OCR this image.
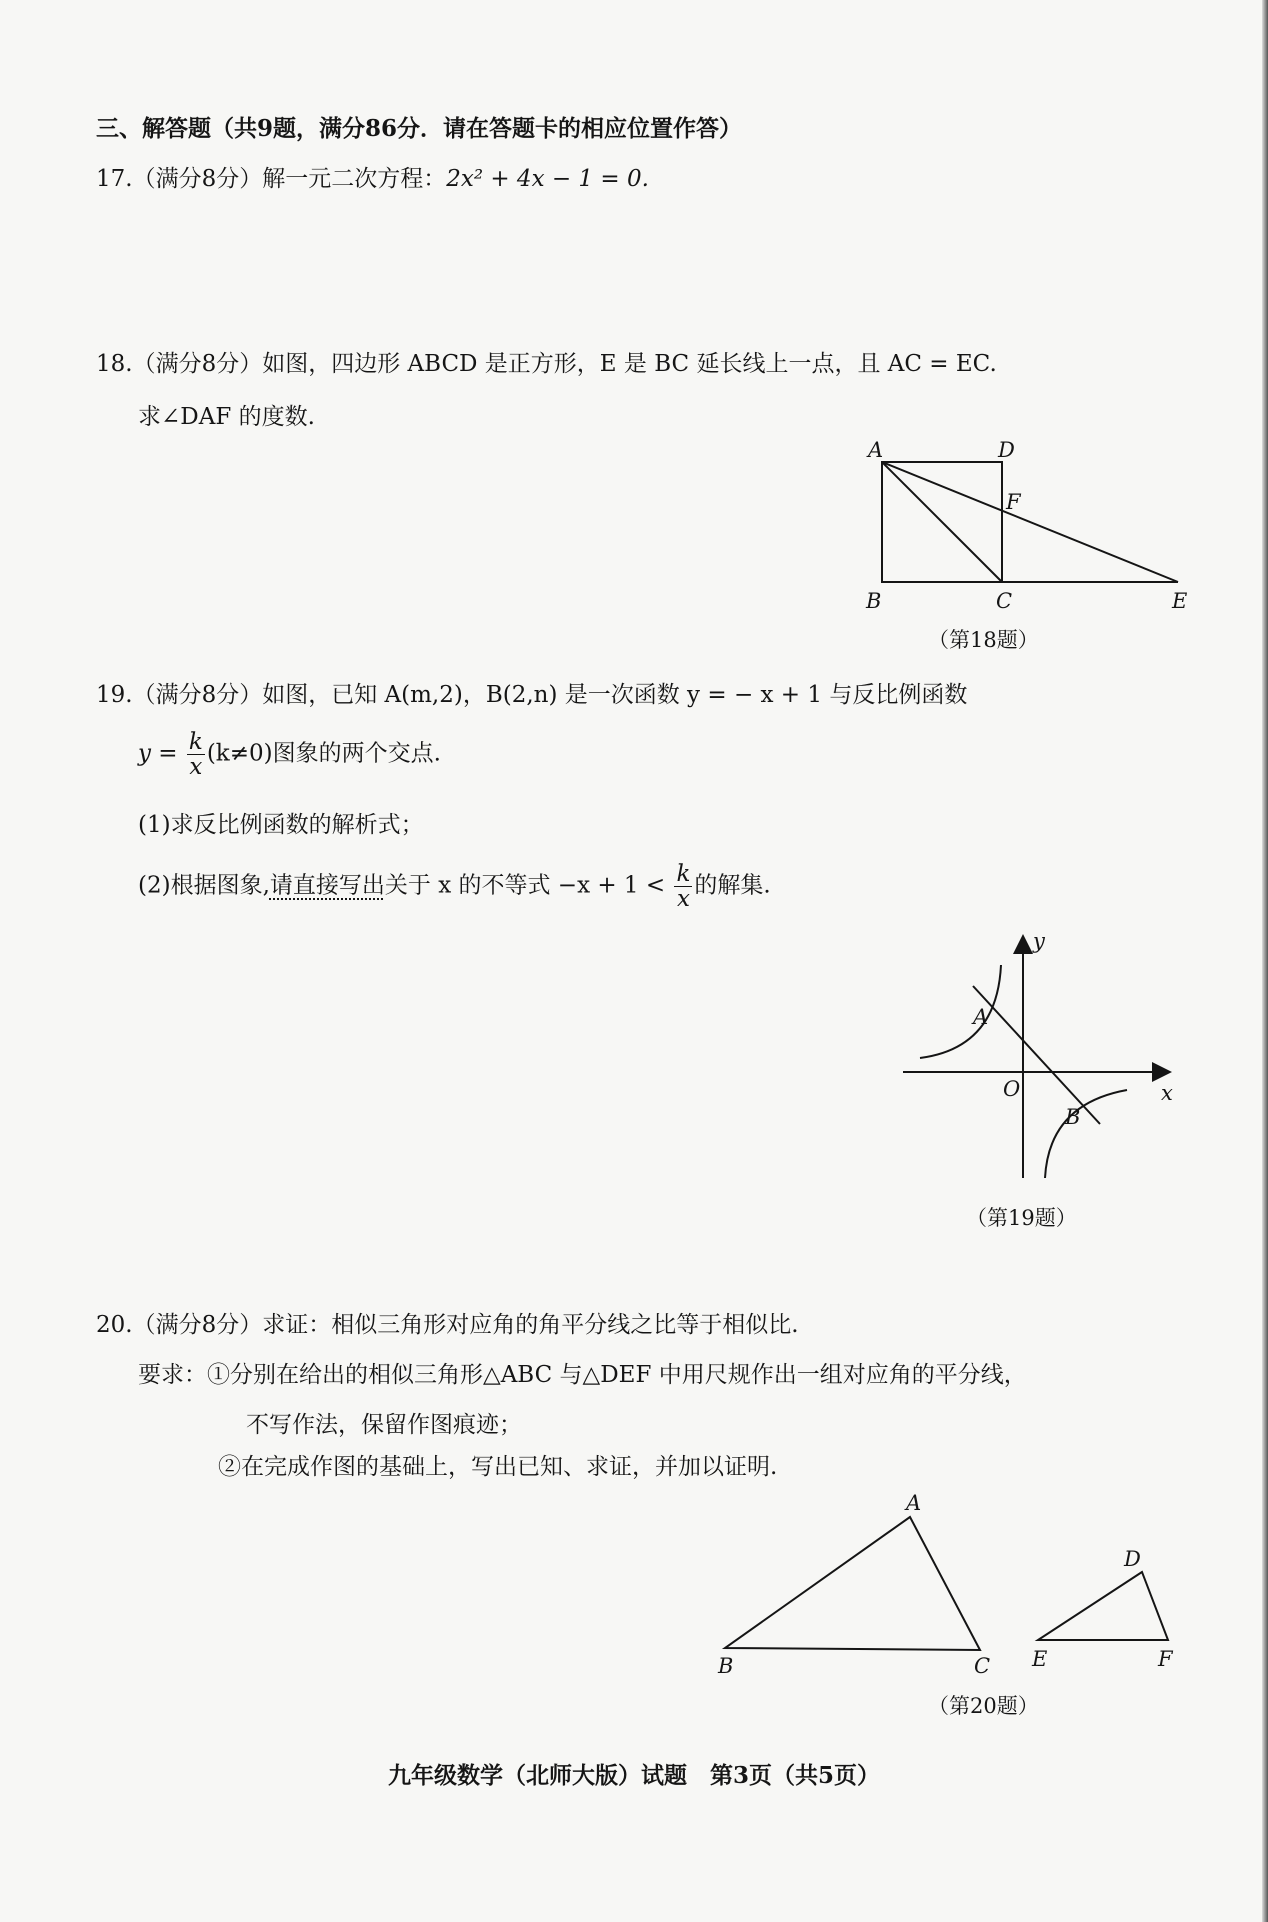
三、解答题（共9题，满分86分．请在答题卡的相应位置作答）
17.（满分8分）解一元二次方程：2x² + 4x − 1 = 0.
18.（满分8分）如图，四边形 ABCD 是正方形，E 是 BC 延长线上一点，且 AC = EC.
求∠DAF 的度数.
A
B	C
D
E
F
（第18题）
19.（满分8分）如图，已知 A(m,2)，B(2,n) 是一次函数 y = − x + 1 与反比例函数
$y = \frac{k}{x} (k\ne 0)$图象的两个交点.
(1)求反比例函数的解析式；
(2)根据图象,请直接写出关于 x 的不等式 $-x + 1 < \frac{k}{x}$ 的解集.
y
x
O
A
B
（第19题）
20.（满分8分）求证：相似三角形对应角的角平分线之比等于相似比.
要求：①分别在给出的相似三角形△ABC 与△DEF 中用尺规作出一组对应角的平分线，
不写作法，保留作图痕迹；
②在完成作图的基础上，写出已知、求证，并加以证明.
A
B	C
D
E	F
（第20题）
九年级数学（北师大版）试题　第3页（共5页）
